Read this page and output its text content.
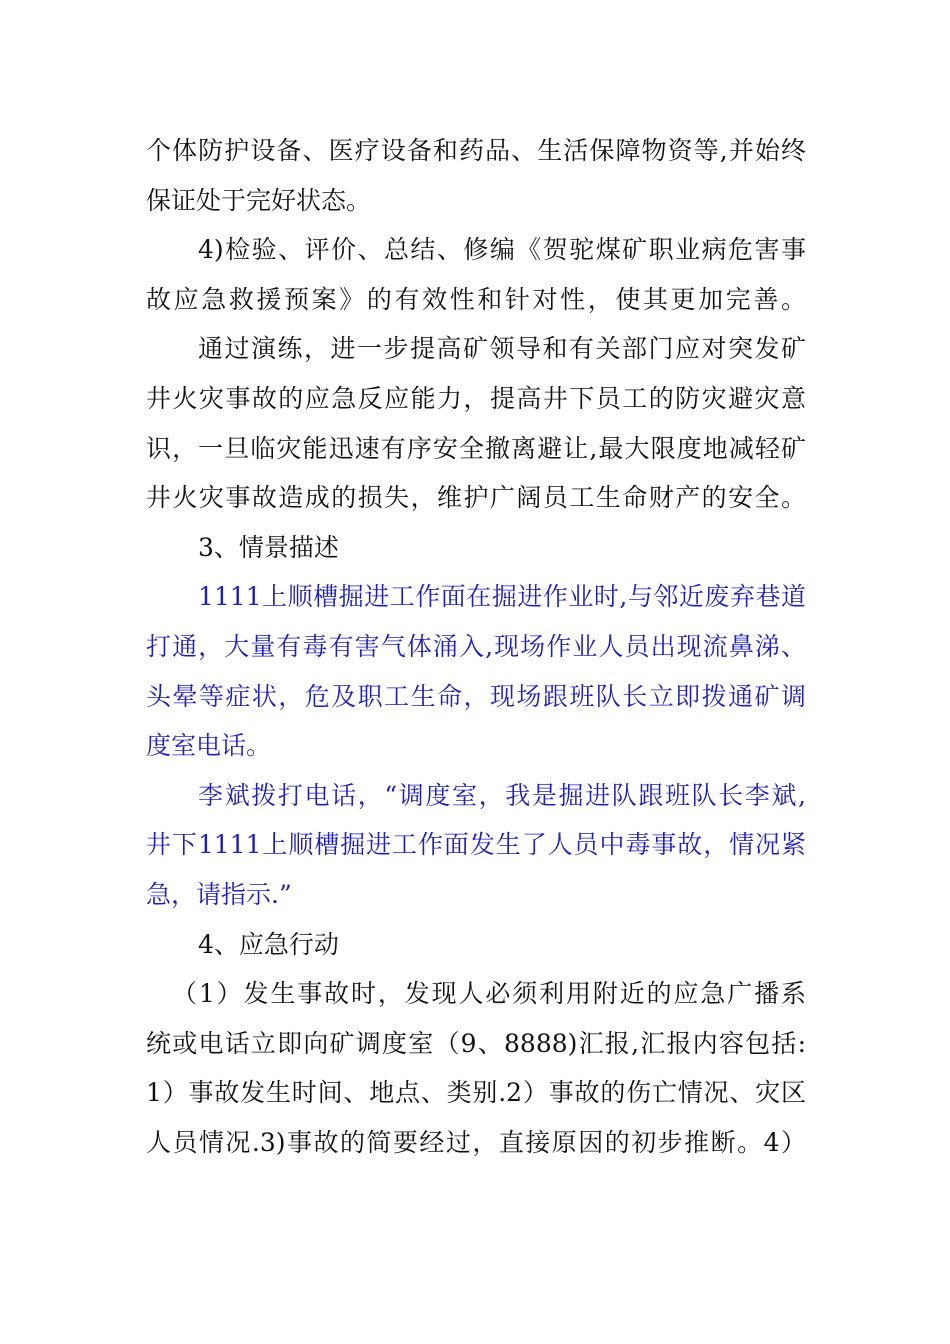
个体防护设备、医疗设备和药品、生活保障物资等,并始终
保证处于完好状态。
4)检验、评价、总结、修编《贺驼煤矿职业病危害事
故应急救援预案》的有效性和针对性，使其更加完善。
通过演练，进一步提高矿领导和有关部门应对突发矿
井火灾事故的应急反应能力，提高井下员工的防灾避灾意
识，一旦临灾能迅速有序安全撤离避让,最大限度地减轻矿
井火灾事故造成的损失，维护广阔员工生命财产的安全。
3、情景描述
1111上顺槽掘进工作面在掘进作业时,与邻近废弃巷道
打通，大量有毒有害气体涌入,现场作业人员出现流鼻涕、
头晕等症状，危及职工生命，现场跟班队长立即拨通矿调
度室电话。
李斌拨打电话，“调度室，我是掘进队跟班队长李斌,
井下1111上顺槽掘进工作面发生了人员中毒事故，情况紧
急，请指示.”
4、应急行动
（1）发生事故时，发现人必须利用附近的应急广播系
统或电话立即向矿调度室（9、8888)汇报,汇报内容包括:
1）事故发生时间、地点、类别.2）事故的伤亡情况、灾区
人员情况.3)事故的简要经过，直接原因的初步推断。4）
